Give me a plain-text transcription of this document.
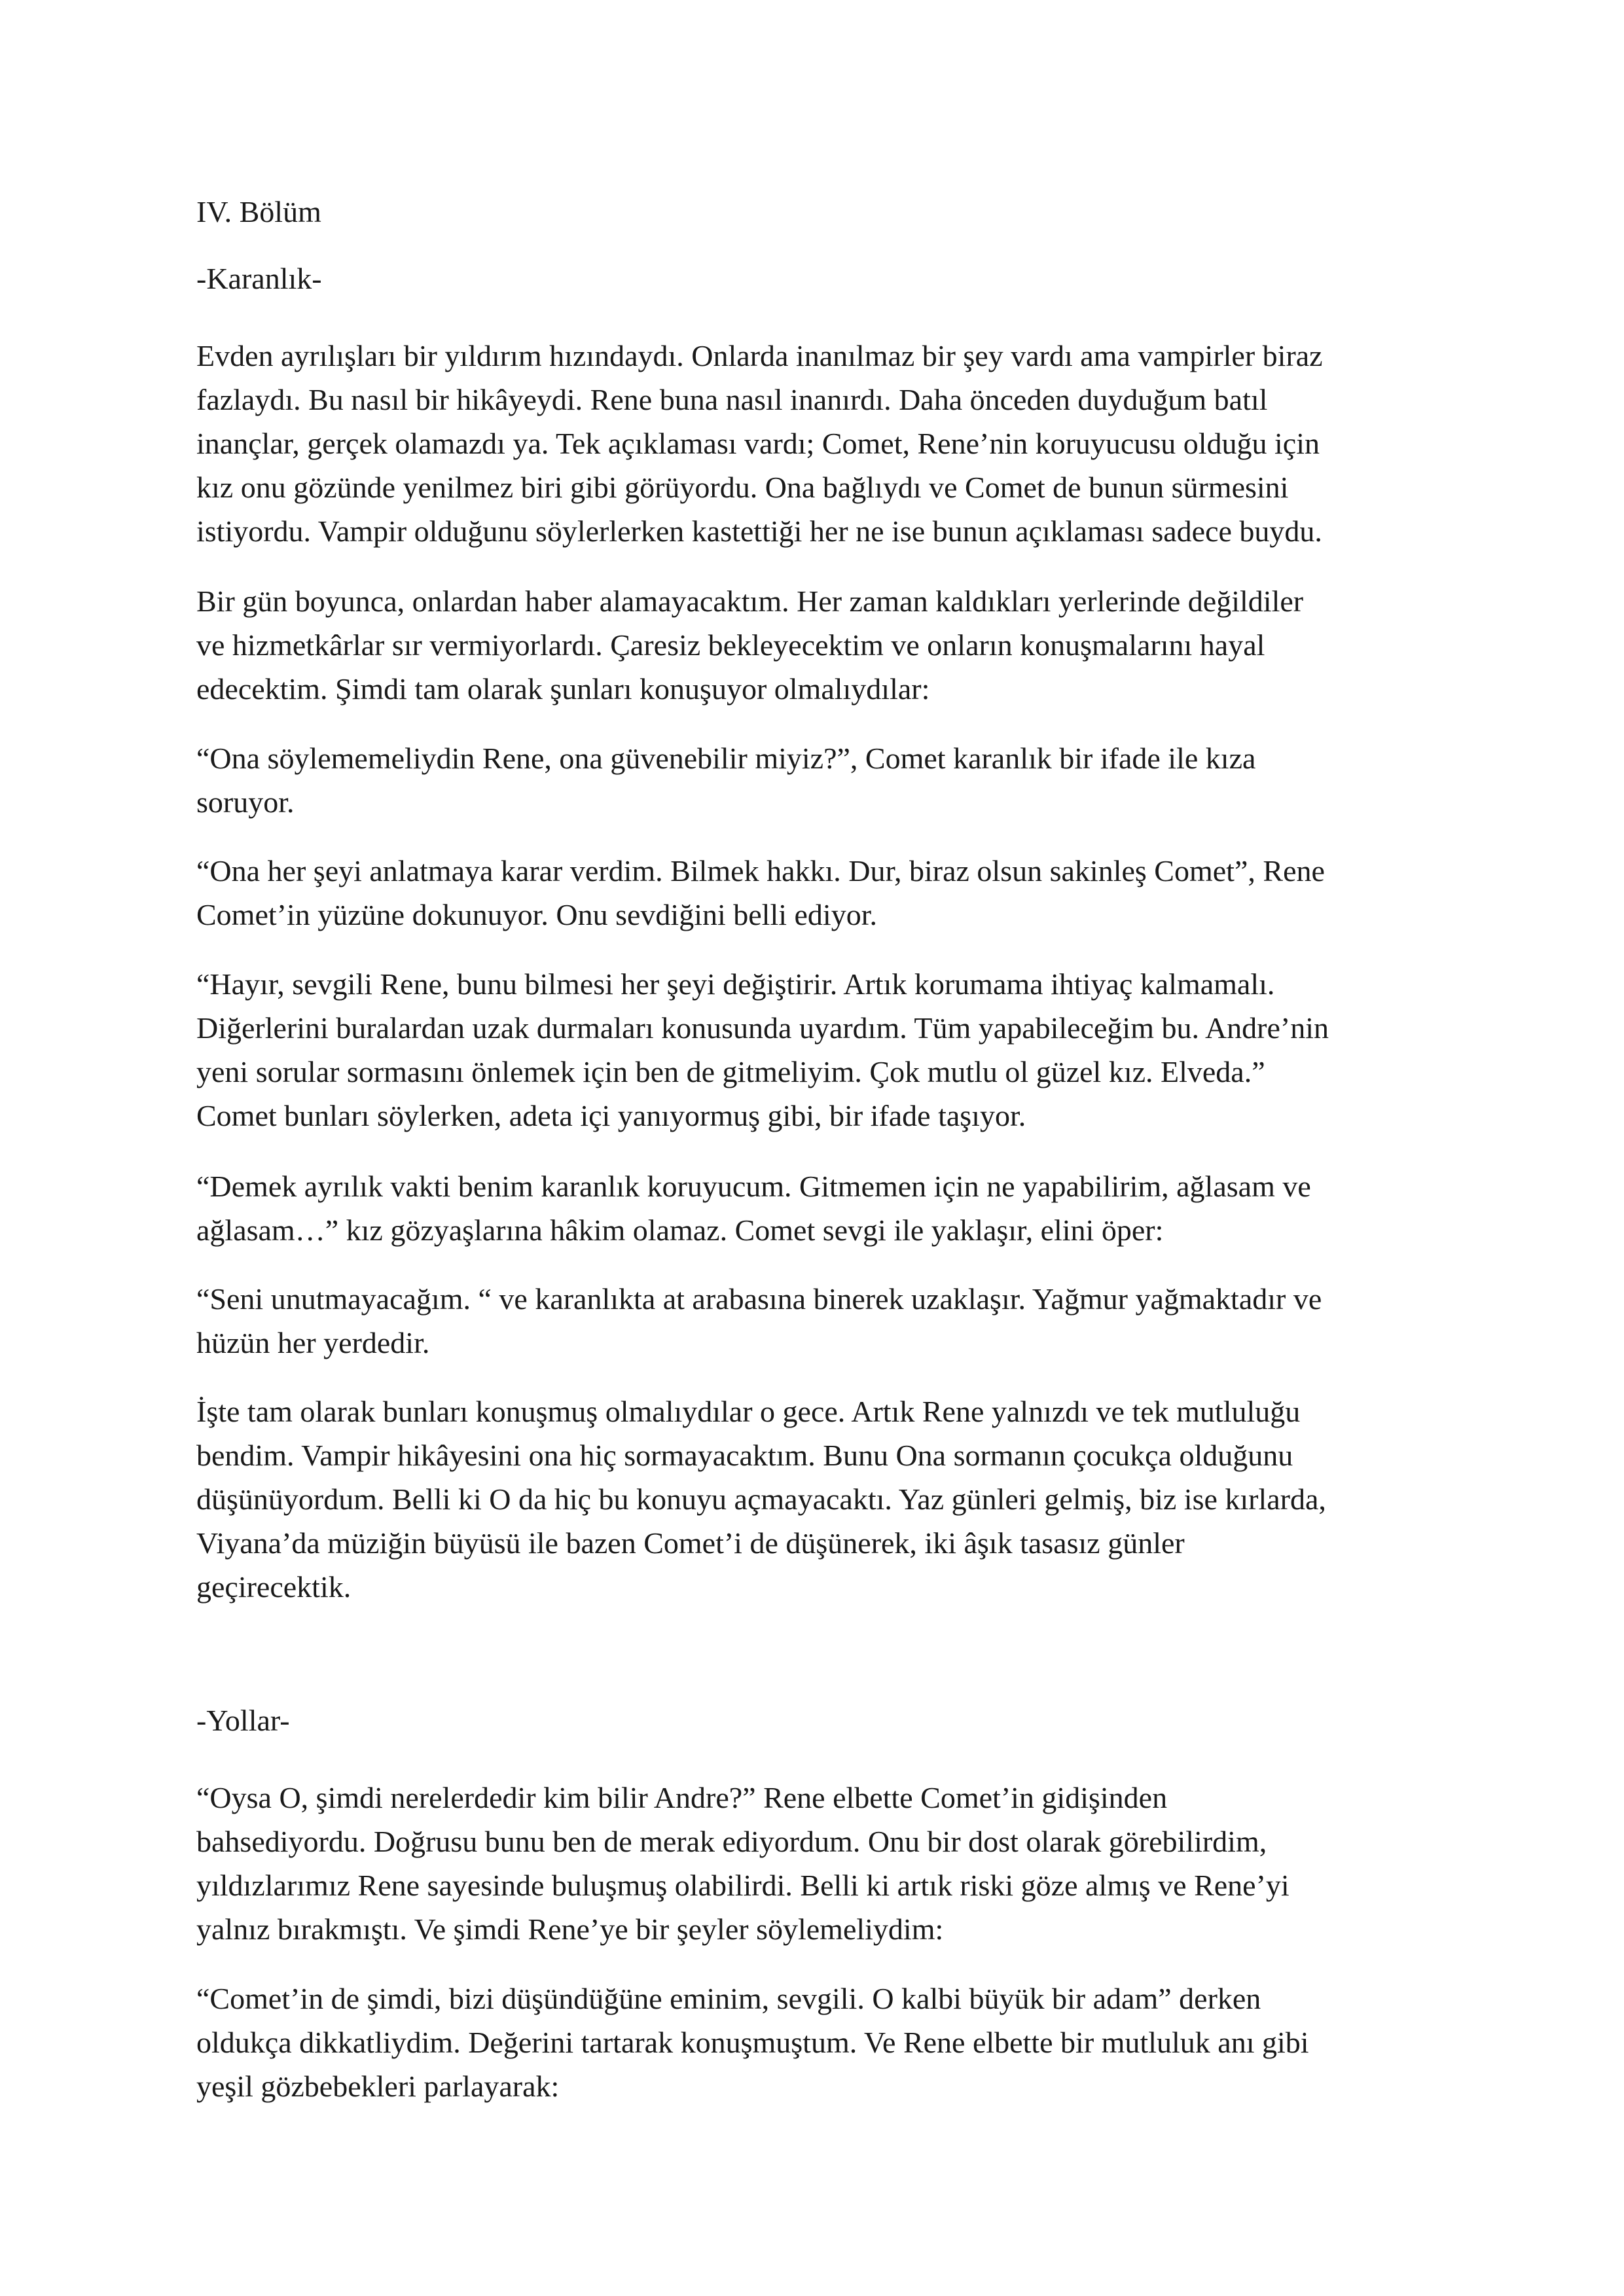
IV. Bölüm

-Karanlık-

Evden ayrılışları bir yıldırım hızındaydı. Onlarda inanılmaz bir şey vardı ama vampirler biraz
fazlaydı. Bu nasıl bir hikâyeydi. Rene buna nasıl inanırdı. Daha önceden duyduğum batıl
inançlar, gerçek olamazdı ya. Tek açıklaması vardı; Comet, Rene’nin koruyucusu olduğu için
kız onu gözünde yenilmez biri gibi görüyordu. Ona bağlıydı ve Comet de bunun sürmesini
istiyordu. Vampir olduğunu söylerlerken kastettiği her ne ise bunun açıklaması sadece buydu.

Bir gün boyunca, onlardan haber alamayacaktım. Her zaman kaldıkları yerlerinde değildiler
ve hizmetkârlar sır vermiyorlardı. Çaresiz bekleyecektim ve onların konuşmalarını hayal
edecektim. Şimdi tam olarak şunları konuşuyor olmalıydılar:

“Ona söylememeliydin Rene, ona güvenebilir miyiz?”, Comet karanlık bir ifade ile kıza
soruyor.

“Ona her şeyi anlatmaya karar verdim. Bilmek hakkı. Dur, biraz olsun sakinleş Comet”, Rene
Comet’in yüzüne dokunuyor. Onu sevdiğini belli ediyor.

“Hayır, sevgili Rene, bunu bilmesi her şeyi değiştirir. Artık korumama ihtiyaç kalmamalı.
Diğerlerini buralardan uzak durmaları konusunda uyardım. Tüm yapabileceğim bu. Andre’nin
yeni sorular sormasını önlemek için ben de gitmeliyim. Çok mutlu ol güzel kız. Elveda.”
Comet bunları söylerken, adeta içi yanıyormuş gibi, bir ifade taşıyor.

“Demek ayrılık vakti benim karanlık koruyucum. Gitmemen için ne yapabilirim, ağlasam ve
ağlasam…” kız gözyaşlarına hâkim olamaz. Comet sevgi ile yaklaşır, elini öper:

“Seni unutmayacağım. “ ve karanlıkta at arabasına binerek uzaklaşır. Yağmur yağmaktadır ve
hüzün her yerdedir.

İşte tam olarak bunları konuşmuş olmalıydılar o gece. Artık Rene yalnızdı ve tek mutluluğu
bendim. Vampir hikâyesini ona hiç sormayacaktım. Bunu Ona sormanın çocukça olduğunu
düşünüyordum. Belli ki O da hiç bu konuyu açmayacaktı. Yaz günleri gelmiş, biz ise kırlarda,
Viyana’da müziğin büyüsü ile bazen Comet’i de düşünerek, iki âşık tasasız günler
geçirecektik.

-Yollar-

“Oysa O, şimdi nerelerdedir kim bilir Andre?” Rene elbette Comet’in gidişinden
bahsediyordu. Doğrusu bunu ben de merak ediyordum. Onu bir dost olarak görebilirdim,
yıldızlarımız Rene sayesinde buluşmuş olabilirdi. Belli ki artık riski göze almış ve Rene’yi
yalnız bırakmıştı. Ve şimdi Rene’ye bir şeyler söylemeliydim:

“Comet’in de şimdi, bizi düşündüğüne eminim, sevgili. O kalbi büyük bir adam” derken
oldukça dikkatliydim. Değerini tartarak konuşmuştum. Ve Rene elbette bir mutluluk anı gibi
yeşil gözbebekleri parlayarak:
